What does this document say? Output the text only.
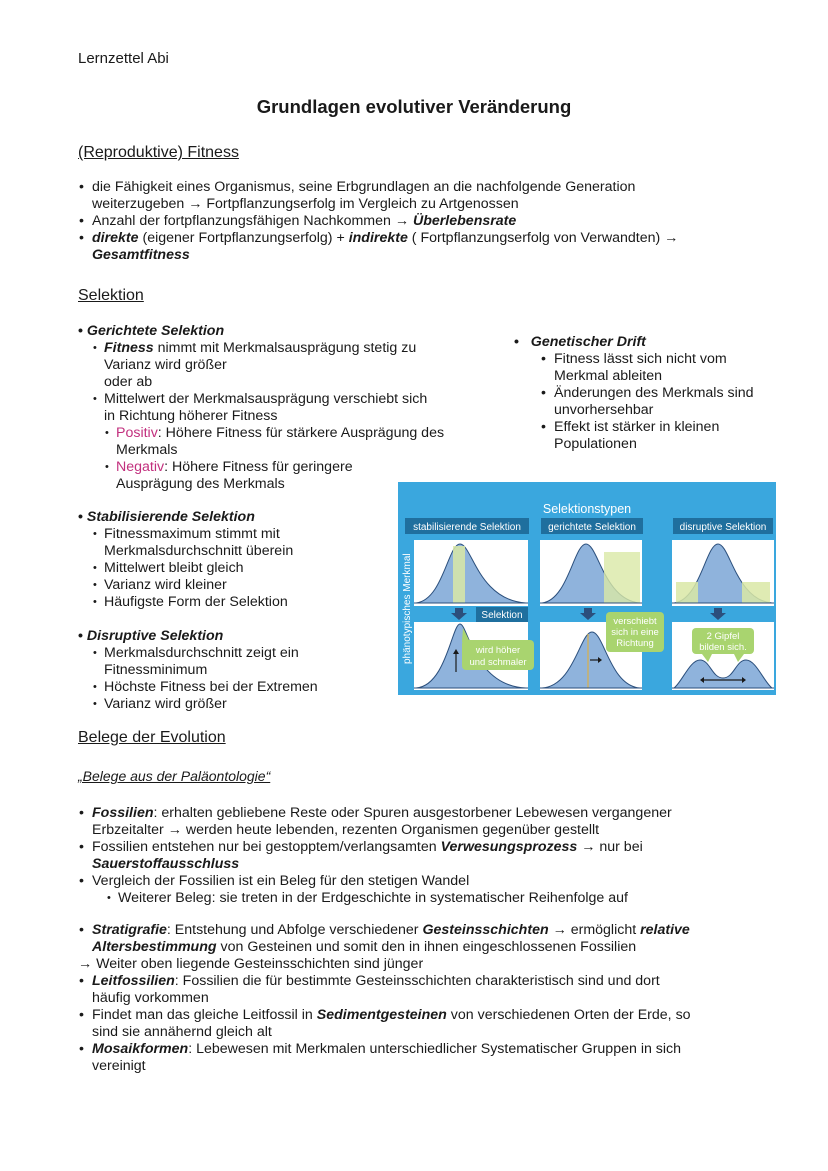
Lernzettel Abi
Grundlagen evolutiver Veränderung
(Reproduktive) Fitness
• die Fähigkeit eines Organismus, seine Erbgrundlagen an die nachfolgende Generation
weiterzugeben → Fortpflanzungserfolg im Vergleich zu Artgenossen
• Anzahl der fortpflanzungsfähigen Nachkommen → Überlebensrate
• direkte (eigener Fortpflanzungserfolg) + indirekte ( Fortpflanzungserfolg von Verwandten) →
Gesamtfitness
Selektion
• Gerichtete Selektion
• Fitness nimmt mit Merkmalsausprägung stetig zu
Varianz wird größer
oder ab
• Mittelwert der Merkmalsausprägung verschiebt sich
in Richtung höherer Fitness
• Positiv: Höhere Fitness für stärkere Ausprägung des
Merkmals
• Negativ: Höhere Fitness für geringere
Ausprägung des Merkmals
•   Genetischer Drift
• Fitness lässt sich nicht vom
Merkmal ableiten
• Änderungen des Merkmals sind
unvorhersehbar
• Effekt ist stärker in kleinen
Populationen
• Stabilisierende Selektion
• Fitnessmaximum stimmt mit
Merkmalsdurchschnitt überein
• Mittelwert bleibt gleich
• Varianz wird kleiner
• Häufigste Form der Selektion
• Disruptive Selektion
• Merkmalsdurchschnitt zeigt ein
Fitnessminimum
• Höchste Fitness bei der Extremen
• Varianz wird größer
Selektionstypen
stabilisierende Selektion	gerichtete Selektion	disruptive Selektion
phänotypisches Merkmal	Selektion
wird höher
und schmaler
verschiebt
sich in eine
Richtung
2 Gipfel
bilden sich.
Belege der Evolution
„Belege aus der Paläontologie“
• Fossilien: erhalten gebliebene Reste oder Spuren ausgestorbener Lebewesen vergangener
Erbzeitalter → werden heute lebenden, rezenten Organismen gegenüber gestellt
• Fossilien entstehen nur bei gestopptem/verlangsamten Verwesungsprozess → nur bei
Sauerstoffausschluss
• Vergleich der Fossilien ist ein Beleg für den stetigen Wandel
• Weiterer Beleg: sie treten in der Erdgeschichte in systematischer Reihenfolge auf
• Stratigrafie: Entstehung und Abfolge verschiedener Gesteinsschichten → ermöglicht relative
Altersbestimmung von Gesteinen und somit den in ihnen eingeschlossenen Fossilien
→ Weiter oben liegende Gesteinsschichten sind jünger
• Leitfossilien: Fossilien die für bestimmte Gesteinsschichten charakteristisch sind und dort
häufig vorkommen
• Findet man das gleiche Leitfossil in Sedimentgesteinen von verschiedenen Orten der Erde, so
sind sie annähernd gleich alt
• Mosaikformen: Lebewesen mit Merkmalen unterschiedlicher Systematischer Gruppen in sich
vereinigt
